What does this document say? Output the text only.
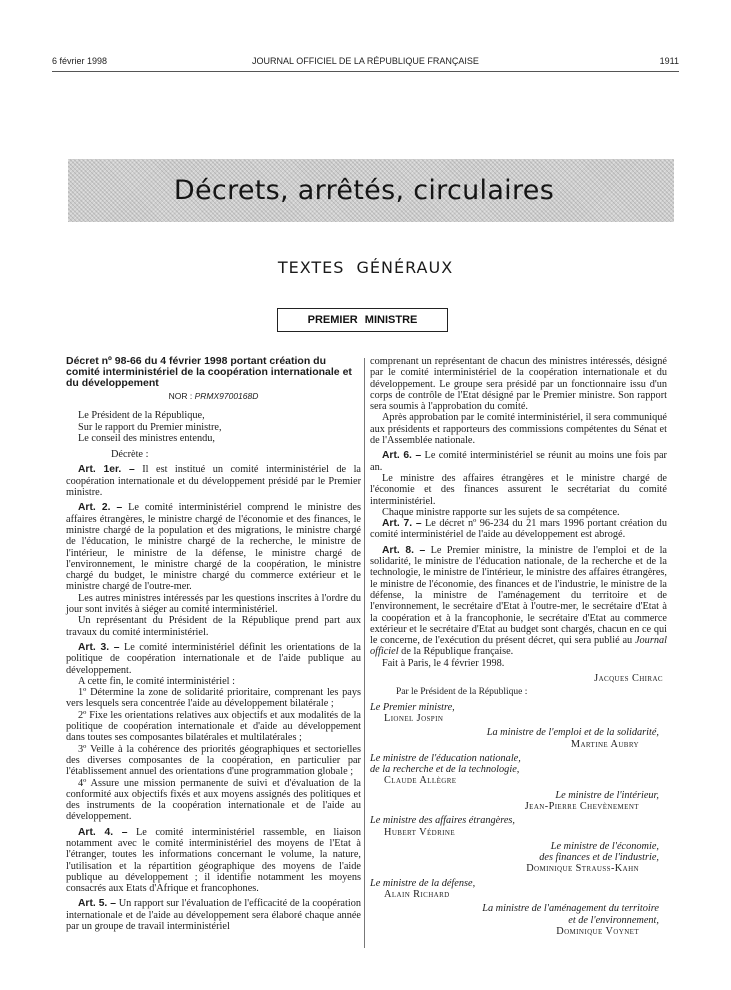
6 février 1998	JOURNAL OFFICIEL DE LA RÉPUBLIQUE FRANÇAISE	1911
Décrets, arrêtés, circulaires
TEXTES GÉNÉRAUX
PREMIER MINISTRE
Décret nº 98-66 du 4 février 1998 portant création du comité interministériel de la coopération internationale et du développement
NOR : PRMX9700168D

Le Président de la République,

Sur le rapport du Premier ministre,

Le conseil des ministres entendu,

Décrète :

Art. 1er. – Il est institué un comité interministériel de la coopération internationale et du développement présidé par le Premier ministre.

Art. 2. – Le comité interministériel comprend le ministre des affaires étrangères, le ministre chargé de l'économie et des finances, le ministre chargé de la population et des migrations, le ministre chargé de l'éducation, le ministre chargé de la recherche, le ministre de l'intérieur, le ministre de la défense, le ministre chargé de l'environnement, le ministre chargé de la coopération, le ministre chargé du budget, le ministre chargé du commerce extérieur et le ministre chargé de l'outre-mer.

Les autres ministres intéressés par les questions inscrites à l'ordre du jour sont invités à siéger au comité interministériel.

Un représentant du Président de la République prend part aux travaux du comité interministériel.

Art. 3. – Le comité interministériel définit les orientations de la politique de coopération internationale et de l'aide publique au développement.

A cette fin, le comité interministériel :

1º Détermine la zone de solidarité prioritaire, comprenant les pays vers lesquels sera concentrée l'aide au développement bilatérale ;

2º Fixe les orientations relatives aux objectifs et aux modalités de la politique de coopération internationale et d'aide au développement dans toutes ses composantes bilatérales et multilatérales ;

3º Veille à la cohérence des priorités géographiques et sectorielles des diverses composantes de la coopération, en particulier par l'établissement annuel des orientations d'une programmation globale ;

4º Assure une mission permanente de suivi et d'évaluation de la conformité aux objectifs fixés et aux moyens assignés des politiques et des instruments de la coopération internationale et de l'aide au développement.

Art. 4. – Le comité interministériel rassemble, en liaison notamment avec le comité interministériel des moyens de l'Etat à l'étranger, toutes les informations concernant le volume, la nature, l'utilisation et la répartition géographique des moyens de l'aide publique au développement ; il identifie notamment les moyens consacrés aux Etats d'Afrique et francophones.

Art. 5. – Un rapport sur l'évaluation de l'efficacité de la coopération internationale et de l'aide au développement sera élaboré chaque année par un groupe de travail interministériel

comprenant un représentant de chacun des ministres intéressés, désigné par le comité interministériel de la coopération internationale et du développement. Le groupe sera présidé par un fonctionnaire issu d'un corps de contrôle de l'Etat désigné par le Premier ministre. Son rapport sera soumis à l'approbation du comité.

Après approbation par le comité interministériel, il sera communiqué aux présidents et rapporteurs des commissions compétentes du Sénat et de l'Assemblée nationale.

Art. 6. – Le comité interministériel se réunit au moins une fois par an.

Le ministre des affaires étrangères et le ministre chargé de l'économie et des finances assurent le secrétariat du comité interministériel.

Chaque ministre rapporte sur les sujets de sa compétence.

Art. 7. – Le décret nº 96-234 du 21 mars 1996 portant création du comité interministériel de l'aide au développement est abrogé.

Art. 8. – Le Premier ministre, la ministre de l'emploi et de la solidarité, le ministre de l'éducation nationale, de la recherche et de la technologie, le ministre de l'intérieur, le ministre des affaires étrangères, le ministre de l'économie, des finances et de l'industrie, le ministre de la défense, la ministre de l'aménagement du territoire et de l'environnement, le secrétaire d'Etat à l'outre-mer, le secrétaire d'Etat à la coopération et à la francophonie, le secrétaire d'Etat au commerce extérieur et le secrétaire d'Etat au budget sont chargés, chacun en ce qui le concerne, de l'exécution du présent décret, qui sera publié au Journal officiel de la République française.

Fait à Paris, le 4 février 1998.

Jacques Chirac

Par le Président de la République :

Le Premier ministre,

Lionel Jospin

La ministre de l'emploi et de la solidarité,

Martine Aubry

Le ministre de l'éducation nationale,

de la recherche et de la technologie,

Claude Allègre

Le ministre de l'intérieur,

Jean-Pierre Chevènement

Le ministre des affaires étrangères,

Hubert Védrine

Le ministre de l'économie,

des finances et de l'industrie,

Dominique Strauss-Kahn

Le ministre de la défense,

Alain Richard

La ministre de l'aménagement du territoire

et de l'environnement,

Dominique Voynet
